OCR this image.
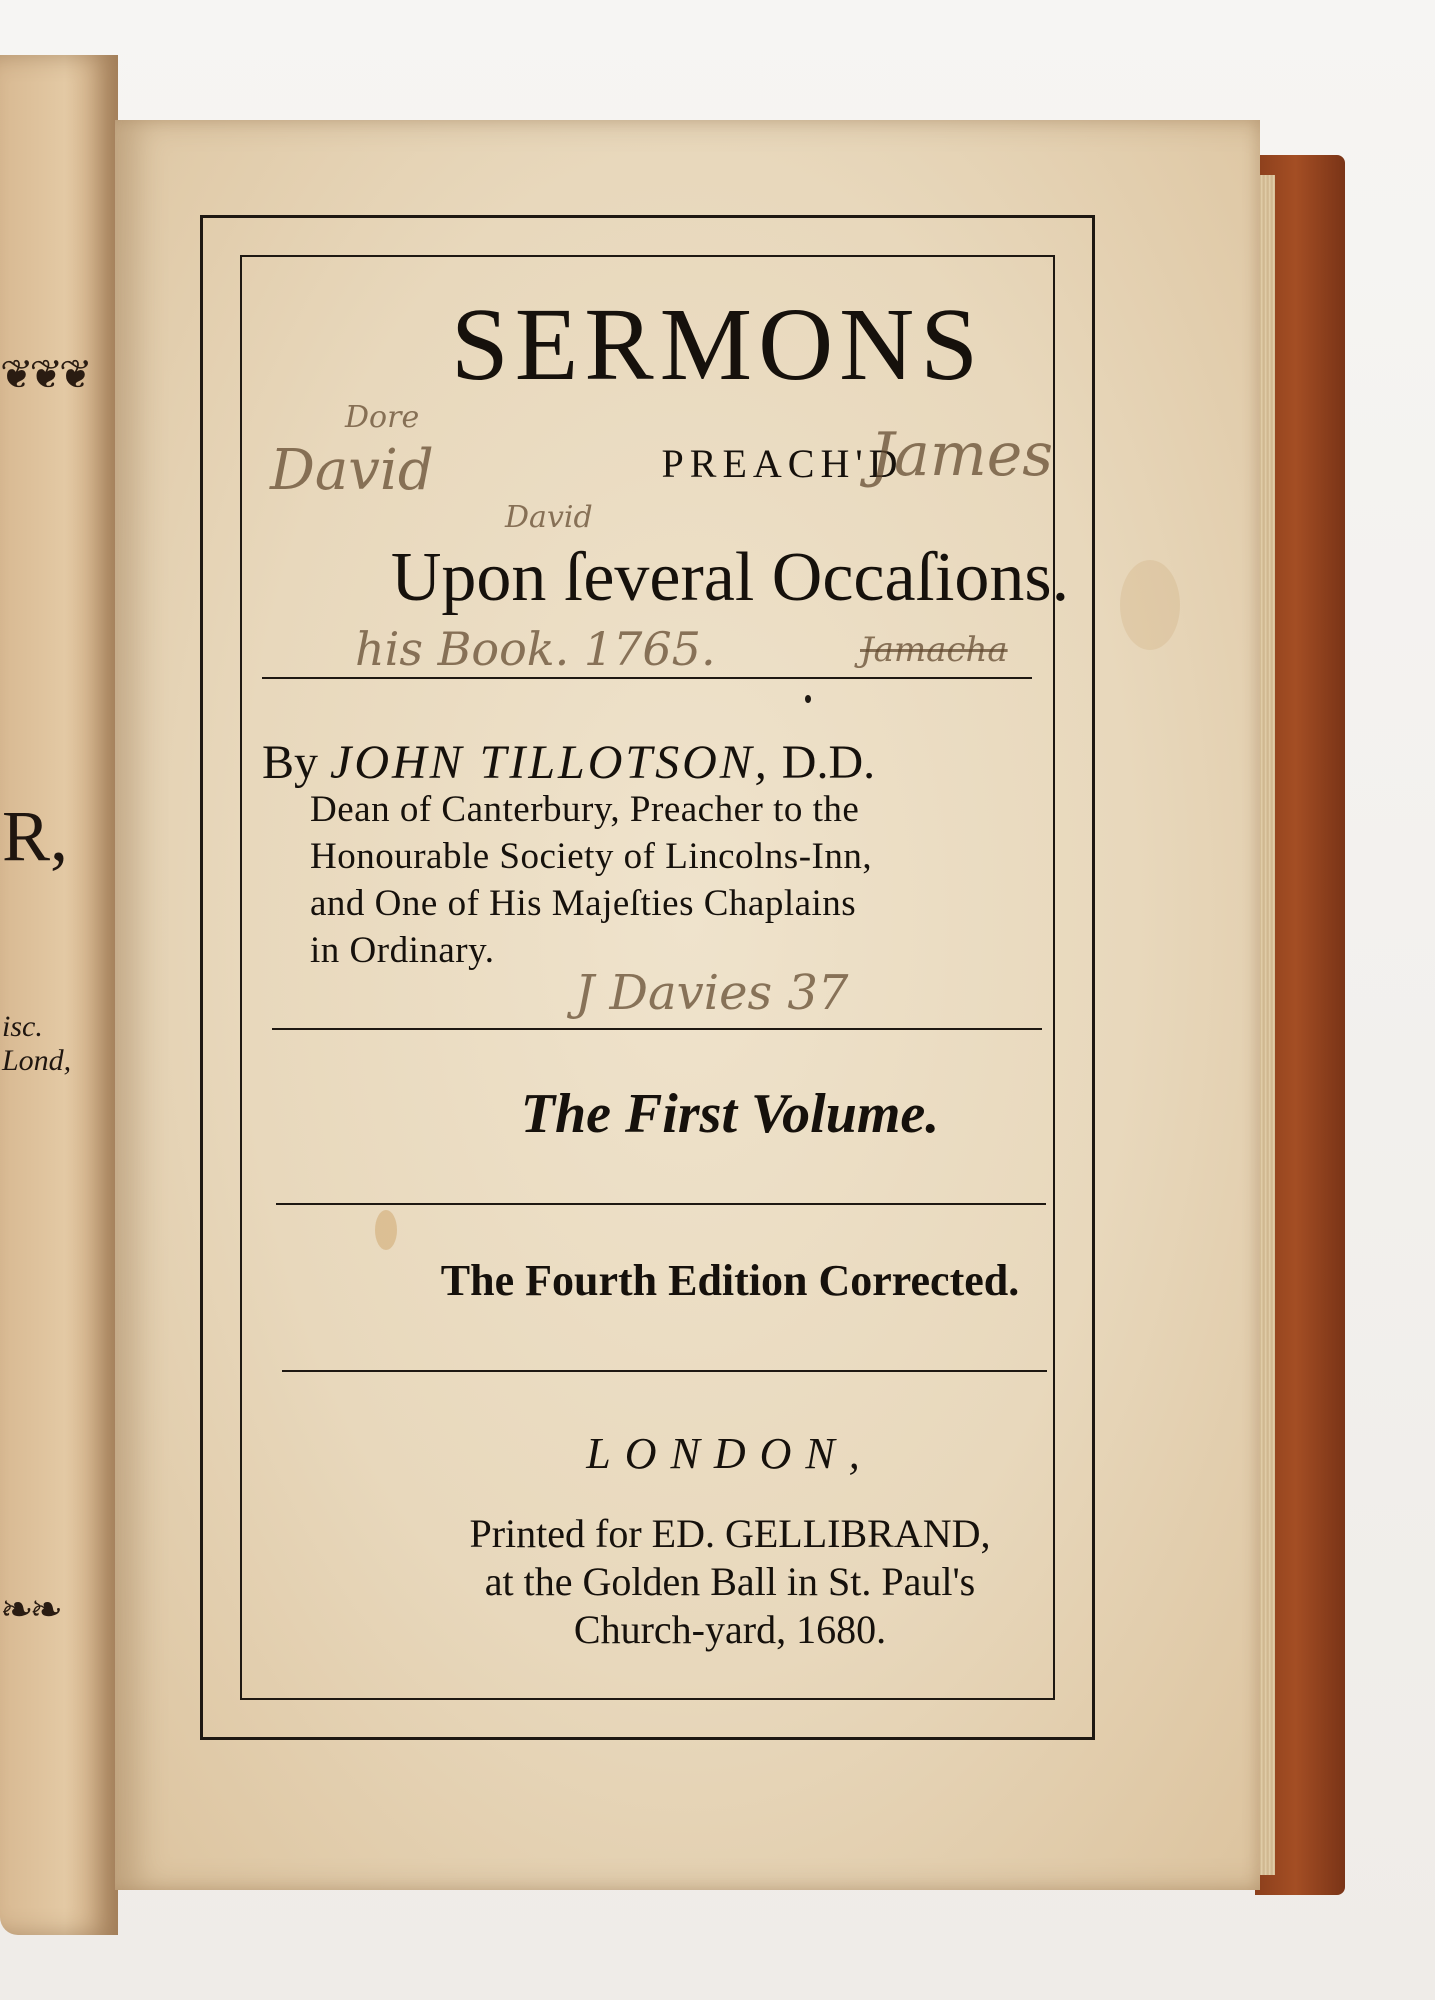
❦❦❦
R,
isc. Lond,
❧❧
SERMONS
PREACH'D
Upon ſeveral Occaſions.
By JOHN TILLOTSON, D.D.
Dean of Canterbury, Preacher to the
Honourable Society of Lincolns-Inn,
and One of His Majeſties Chaplains
in Ordinary.
The First Volume.
The Fourth Edition Corrected.
LONDON,
Printed for ED. GELLIBRAND,
at the Golden Ball in St. Paul's
Church-yard, 1680.
Dore
David	James
David
his Book. 1765.	Jamacha
J Davies 37
